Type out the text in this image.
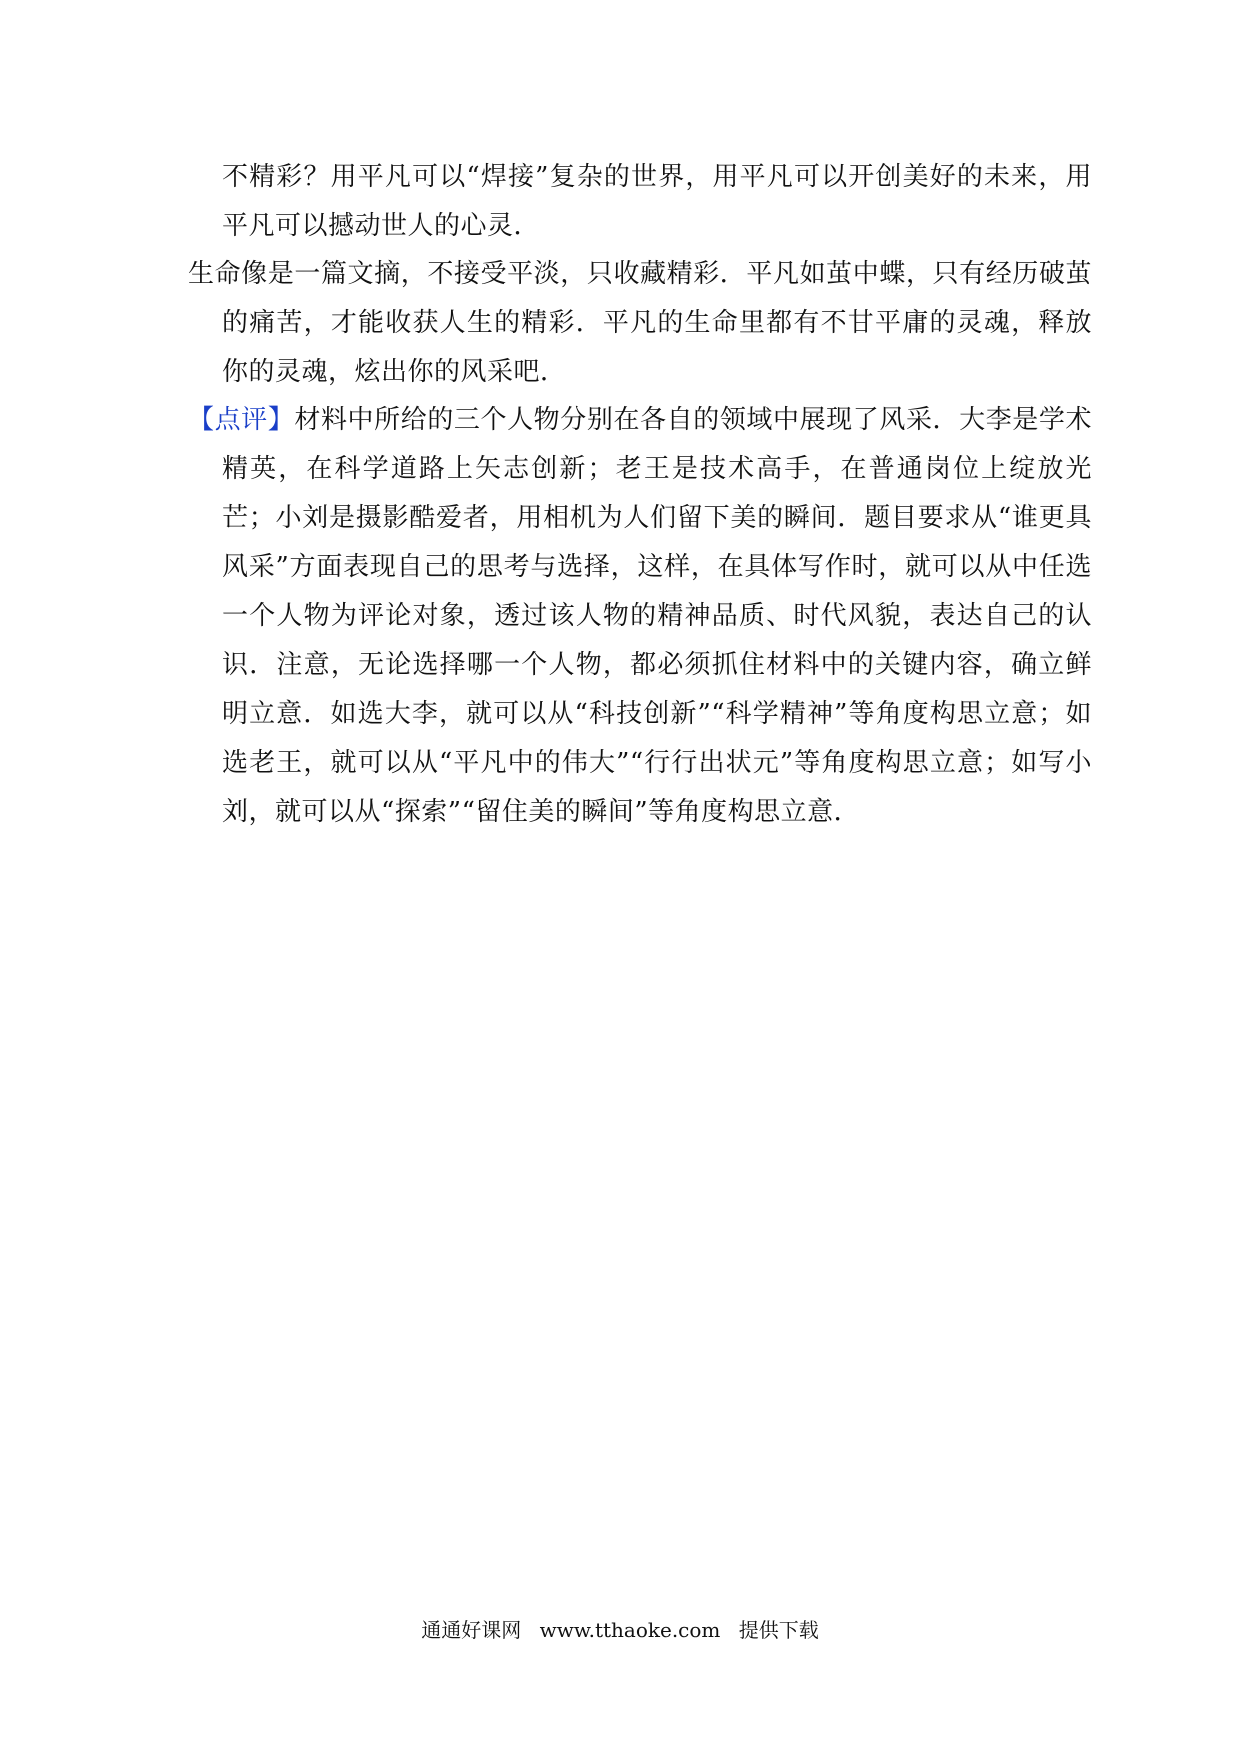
不精彩？用平凡可以“焊接”复杂的世界，用平凡可以开创美好的未来，用平凡可以撼动世人的心灵．

生命像是一篇文摘，不接受平淡，只收藏精彩．平凡如茧中蝶，只有经历破茧的痛苦，才能收获人生的精彩．平凡的生命里都有不甘平庸的灵魂，释放你的灵魂，炫出你的风采吧．

【点评】材料中所给的三个人物分别在各自的领域中展现了风采．大李是学术精英，在科学道路上矢志创新；老王是技术高手，在普通岗位上绽放光芒；小刘是摄影酷爱者，用相机为人们留下美的瞬间．题目要求从“谁更具风采”方面表现自己的思考与选择，这样，在具体写作时，就可以从中任选一个人物为评论对象，透过该人物的精神品质、时代风貌，表达自己的认识．注意，无论选择哪一个人物，都必须抓住材料中的关键内容，确立鲜明立意．如选大李，就可以从“科技创新”“科学精神”等角度构思立意；如选老王，就可以从“平凡中的伟大”“行行出状元”等角度构思立意；如写小刘，就可以从“探索”“留住美的瞬间”等角度构思立意．

通通好课网 www.tthaoke.com 提供下载
